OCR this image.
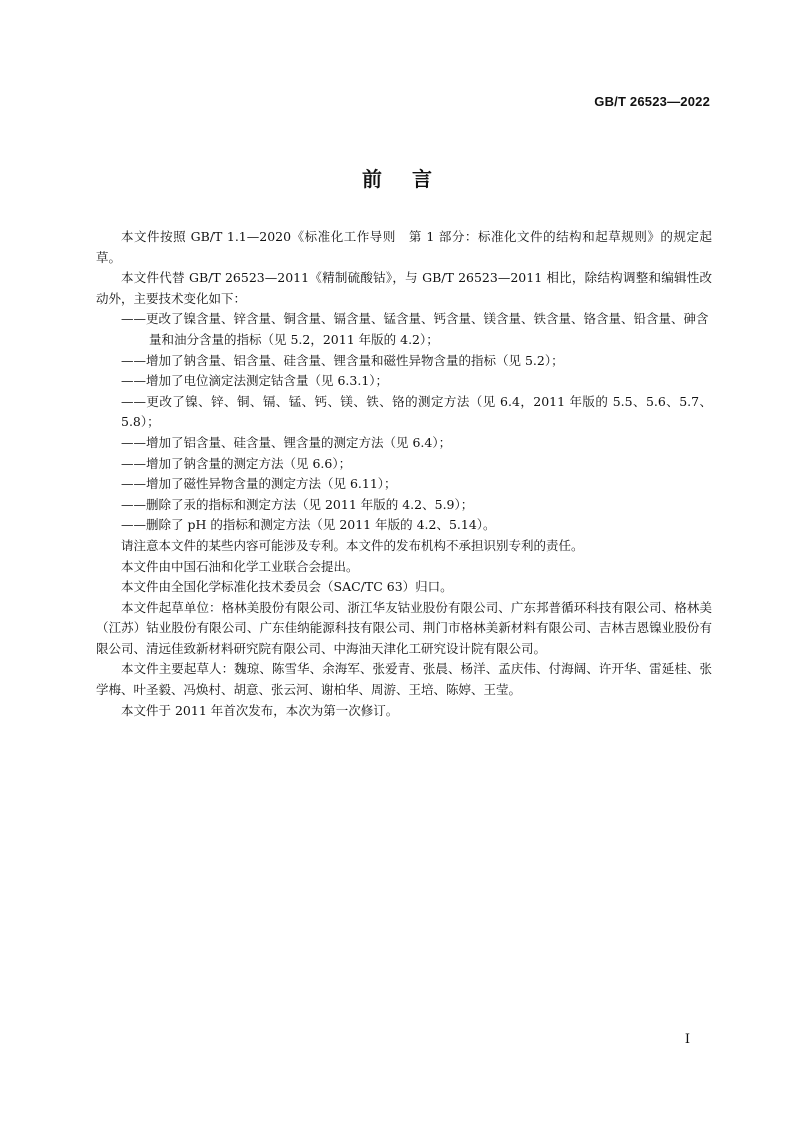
GB/T 26523—2022
前言

本文件按照 GB/T 1.1—2020《标准化工作导则　第 1 部分：标准化文件的结构和起草规则》的规定起草。

本文件代替 GB/T 26523—2011《精制硫酸钴》，与 GB/T 26523—2011 相比，除结构调整和编辑性改动外，主要技术变化如下：

——更改了镍含量、锌含量、铜含量、镉含量、锰含量、钙含量、镁含量、铁含量、铬含量、铅含量、砷含

量和油分含量的指标（见 5.2，2011 年版的 4.2）；

——增加了钠含量、铝含量、硅含量、锂含量和磁性异物含量的指标（见 5.2）；

——增加了电位滴定法测定钴含量（见 6.3.1）；

——更改了镍、锌、铜、镉、锰、钙、镁、铁、铬的测定方法（见 6.4，2011 年版的 5.5、5.6、5.7、5.8）；

——增加了铝含量、硅含量、锂含量的测定方法（见 6.4）；

——增加了钠含量的测定方法（见 6.6）；

——增加了磁性异物含量的测定方法（见 6.11）；

——删除了汞的指标和测定方法（见 2011 年版的 4.2、5.9）；

——删除了 pH 的指标和测定方法（见 2011 年版的 4.2、5.14）。

请注意本文件的某些内容可能涉及专利。本文件的发布机构不承担识别专利的责任。

本文件由中国石油和化学工业联合会提出。

本文件由全国化学标准化技术委员会（SAC/TC 63）归口。

本文件起草单位：格林美股份有限公司、浙江华友钴业股份有限公司、广东邦普循环科技有限公司、格林美（江苏）钴业股份有限公司、广东佳纳能源科技有限公司、荆门市格林美新材料有限公司、吉林吉恩镍业股份有限公司、清远佳致新材料研究院有限公司、中海油天津化工研究设计院有限公司。

本文件主要起草人：魏琼、陈雪华、余海军、张爱青、张晨、杨洋、孟庆伟、付海阔、许开华、雷延桂、张学梅、叶圣毅、冯焕村、胡意、张云河、谢柏华、周游、王培、陈婷、王莹。

本文件于 2011 年首次发布，本次为第一次修订。

I
